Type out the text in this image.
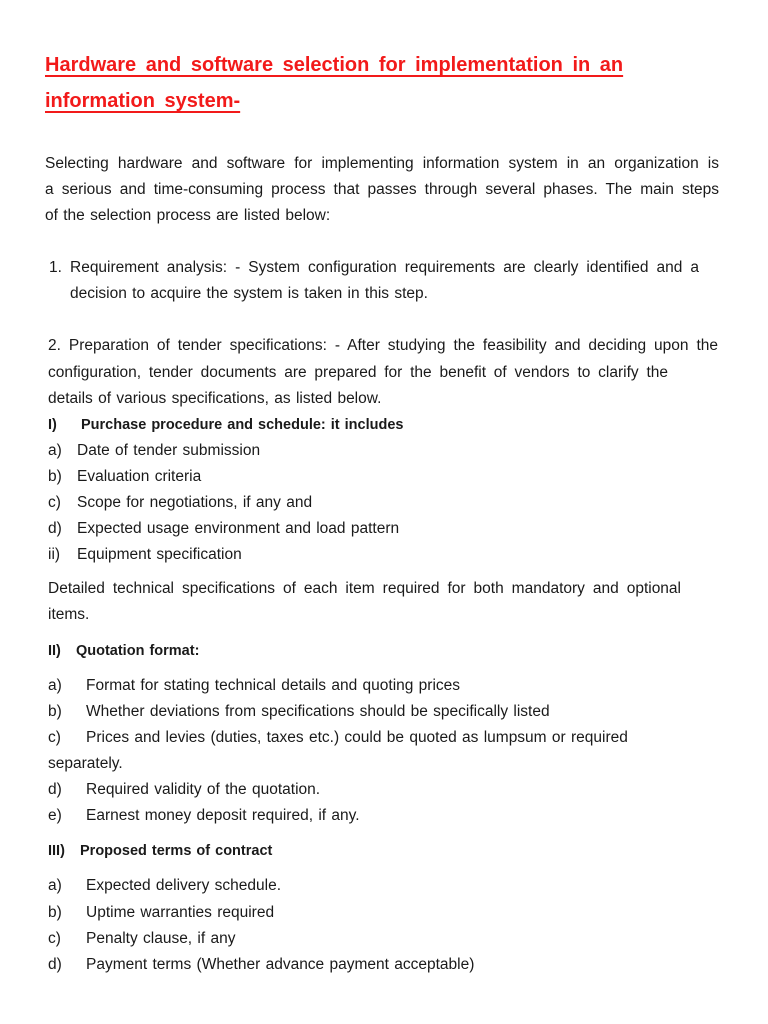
Hardware and software selection for implementation in an
information system-
Selecting hardware and software for implementing information system in an organization is
a serious and time-consuming process that passes through several phases. The main steps
of the selection process are listed below:
1. Requirement analysis: - System configuration requirements are clearly identified and a
decision to acquire the system is taken in this step.
2. Preparation of tender specifications: - After studying the feasibility and deciding upon the
configuration, tender documents are prepared for the benefit of vendors to clarify the
details of various specifications, as listed below.
I) Purchase procedure and schedule: it includes
a) Date of tender submission
b) Evaluation criteria
c) Scope for negotiations, if any and
d) Expected usage environment and load pattern
ii) Equipment specification
Detailed technical specifications of each item required for both mandatory and optional
items.
II)   Quotation format:
a) Format for stating technical details and quoting prices
b) Whether deviations from specifications should be specifically listed
c) Prices and levies (duties, taxes etc.) could be quoted as lumpsum or required
separately.
d) Required validity of the quotation.
e) Earnest money deposit required, if any.
III)   Proposed terms of contract
a) Expected delivery schedule.
b) Uptime warranties required
c) Penalty clause, if any
d) Payment terms (Whether advance payment acceptable)
